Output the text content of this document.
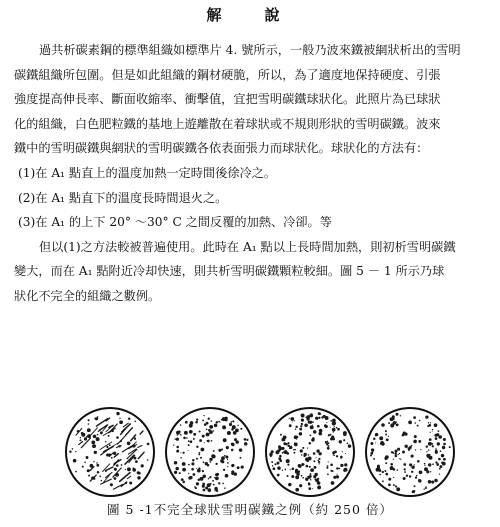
解　說
過共析碳素鋼的標準組織如標準片 4. 號所示，一般乃波來鐵被網狀析出的雪明
碳鐵組織所包圍。但是如此組織的鋼材硬脆，所以，為了適度地保持硬度、引張
強度提高伸長率、斷面收縮率、衝擊值，宜把雪明碳鐵球狀化。此照片為已球狀
化的組織，白色肥粒鐵的基地上遊離散在着球狀或不規則形狀的雪明碳鐵。波來
鐵中的雪明碳鐵與網狀的雪明碳鐵各依表面張力而球狀化。球狀化的方法有：
(1)在 A₁ 點直上的溫度加熱一定時間後徐冷之。
(2)在 A₁ 點直下的溫度長時間退火之。
(3)在 A₁ 的上下 20° ～30° C 之間反覆的加熱、冷卻。等
但以(1)之方法較被普遍使用。此時在 A₁ 點以上長時間加熱，則初析雪明碳鐵
變大，而在 A₁ 點附近冷却快速，則共析雪明碳鐵顆粒較細。圖 5 － 1 所示乃球
狀化不完全的組織之數例。
圖 5 -1不完全球狀雪明碳鐵之例（約 250 倍）
